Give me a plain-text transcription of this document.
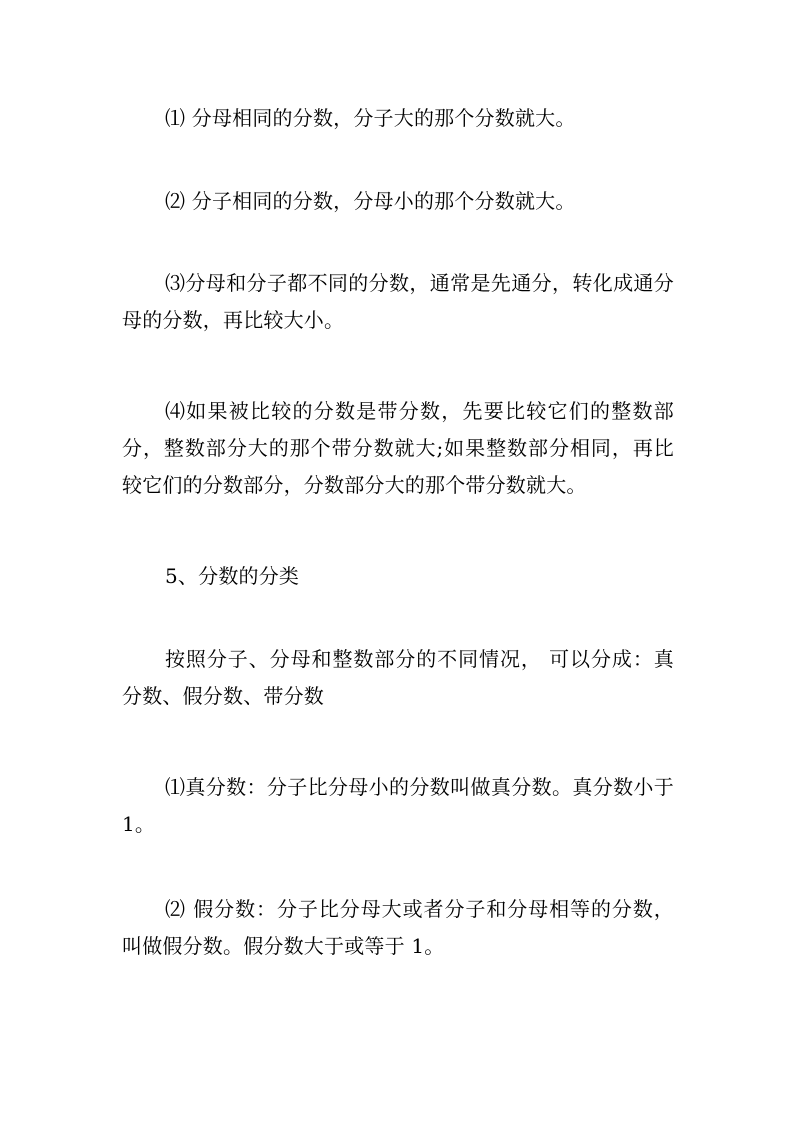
⑴ 分母相同的分数，分子大的那个分数就大。

⑵ 分子相同的分数，分母小的那个分数就大。

⑶分母和分子都不同的分数，通常是先通分，转化成通分母的分数，再比较大小。

⑷如果被比较的分数是带分数，先要比较它们的整数部分，整数部分大的那个带分数就大;如果整数部分相同，再比较它们的分数部分，分数部分大的那个带分数就大。

5、分数的分类

按照分子、分母和整数部分的不同情况， 可以分成：真分数、假分数、带分数

⑴真分数：分子比分母小的分数叫做真分数。真分数小于 1。

⑵ 假分数：分子比分母大或者分子和分母相等的分数，叫做假分数。假分数大于或等于 1。
